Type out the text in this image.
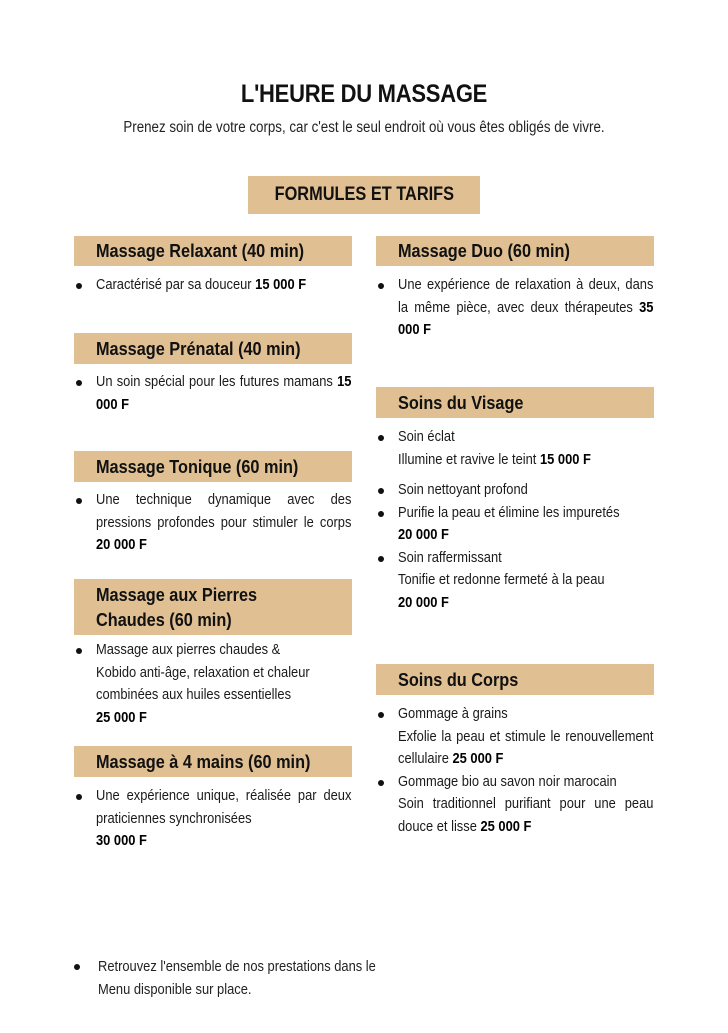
L'HEURE DU MASSAGE
Prenez soin de votre corps, car c'est le seul endroit où vous êtes obligés de vivre.
FORMULES ET TARIFS
Massage Relaxant (40 min)
Caractérisé par sa douceur 15 000 F
Massage Prénatal (40 min)
Un soin spécial pour les futures mamans 15 000 F
Massage Tonique (60 min)
Une technique dynamique avec des pressions profondes pour stimuler le corps 20 000 F
Massage aux Pierres Chaudes (60 min)
Massage aux pierres chaudes & Kobido anti-âge, relaxation et chaleur combinées aux huiles essentielles
25 000 F
Massage à 4 mains (60 min)
Une expérience unique, réalisée par deux praticiennes synchronisées
30 000 F
Massage Duo (60 min)
Une expérience de relaxation à deux, dans la même pièce, avec deux thérapeutes 35 000 F
Soins du Visage
Soin éclat
Illumine et ravive le teint 15 000 F
Soin nettoyant profond
Purifie la peau et élimine les impuretés
20 000 F
Soin raffermissant
Tonifie et redonne fermeté à la peau
20 000 F
Soins du Corps
Gommage à grains
Exfolie la peau et stimule le renouvellement cellulaire 25 000 F
Gommage bio au savon noir marocain
Soin traditionnel purifiant pour une peau douce et lisse 25 000 F
Retrouvez l'ensemble de nos prestations dans le Menu disponible sur place.
